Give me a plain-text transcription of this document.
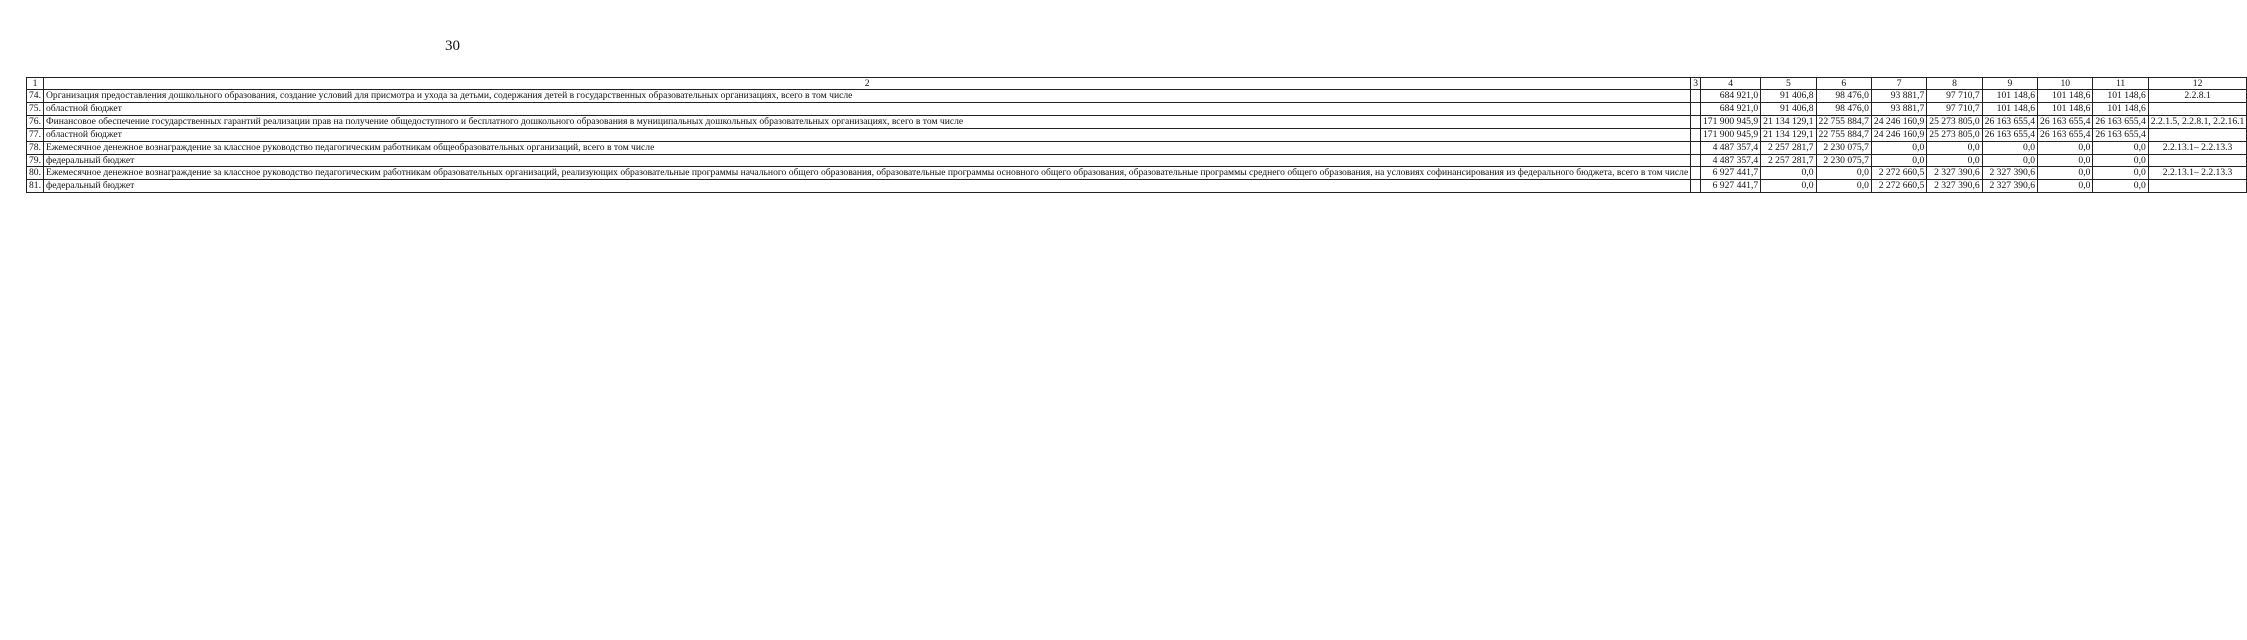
30
1	2	3	4	5	6	7	8	9	10	11	12
74.	Организация предоставления дошкольного образования, создание условий для присмотра и ухода за детьми, содержания детей в государственных образовательных организациях, всего в том числе		684 921,0	91 406,8	98 476,0	93 881,7	97 710,7	101 148,6	101 148,6	101 148,6	2.2.8.1
75.	областной бюджет		684 921,0	91 406,8	98 476,0	93 881,7	97 710,7	101 148,6	101 148,6	101 148,6	
76.	Финансовое обеспечение государственных гарантий реализации прав на получение общедоступного и бесплатного дошкольного образования в муниципальных дошкольных образовательных организациях, всего в том числе		171 900 945,9	21 134 129,1	22 755 884,7	24 246 160,9	25 273 805,0	26 163 655,4	26 163 655,4	26 163 655,4	2.2.1.5, 2.2.8.1, 2.2.16.1
77.	областной бюджет		171 900 945,9	21 134 129,1	22 755 884,7	24 246 160,9	25 273 805,0	26 163 655,4	26 163 655,4	26 163 655,4	
78.	Ежемесячное денежное вознаграждение за классное руководство педагогическим работникам общеобразовательных организаций, всего в том числе		4 487 357,4	2 257 281,7	2 230 075,7	0,0	0,0	0,0	0,0	0,0	2.2.13.1– 2.2.13.3
79.	федеральный бюджет		4 487 357,4	2 257 281,7	2 230 075,7	0,0	0,0	0,0	0,0	0,0	
80.	Ежемесячное денежное вознаграждение за классное руководство педагогическим работникам образовательных организаций, реализующих образовательные программы начального общего образования, образовательные программы основного общего образования, образовательные программы среднего общего образования, на условиях софинансирования из федерального бюджета, всего в том числе		6 927 441,7	0,0	0,0	2 272 660,5	2 327 390,6	2 327 390,6	0,0	0,0	2.2.13.1– 2.2.13.3
81.	федеральный бюджет		6 927 441,7	0,0	0,0	2 272 660,5	2 327 390,6	2 327 390,6	0,0	0,0	
